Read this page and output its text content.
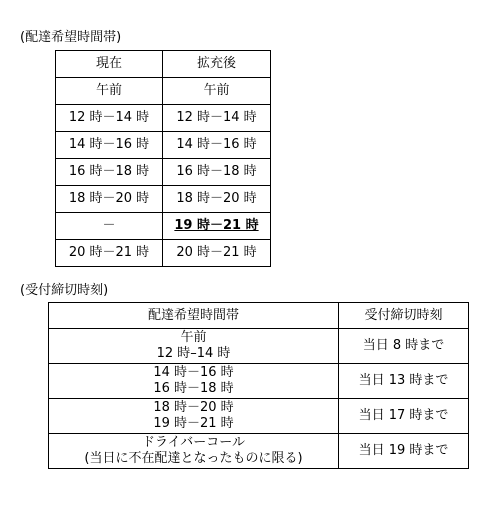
(配達希望時間帯)
現在	拡充後
午前	午前
12 時－14 時	12 時－14 時
14 時－16 時	14 時－16 時
16 時－18 時	16 時－18 時
18 時－20 時	18 時－20 時
－	19 時－21 時
20 時－21 時	20 時－21 時
(受付締切時刻)
配達希望時間帯	受付締切時刻

午前
12 時–14 時	当日 8 時まで

14 時－16 時
16 時－18 時	当日 13 時まで

18 時－20 時
19 時－21 時	当日 17 時まで

ドライバーコール
(当日に不在配達となったものに限る)	当日 19 時まで
